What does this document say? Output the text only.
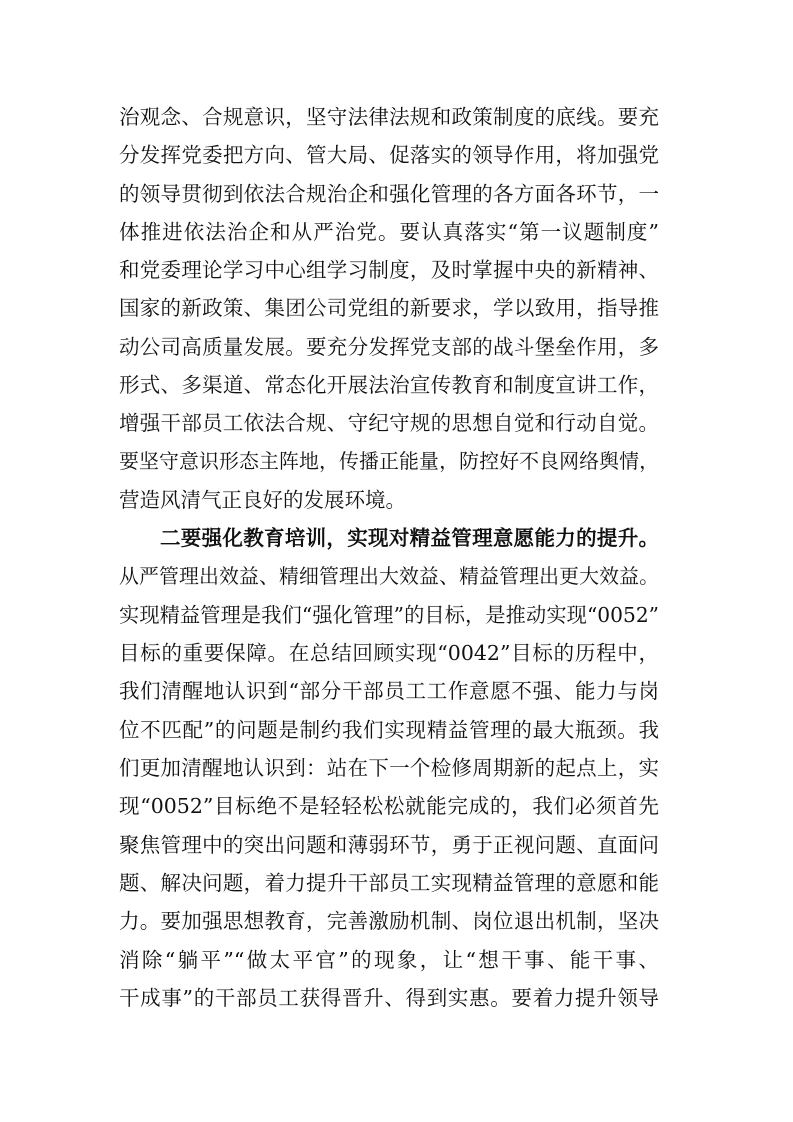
治观念、合规意识，坚守法律法规和政策制度的底线。要充
分发挥党委把方向、管大局、促落实的领导作用，将加强党
的领导贯彻到依法合规治企和强化管理的各方面各环节，一
体推进依法治企和从严治党。要认真落实“第一议题制度”
和党委理论学习中心组学习制度，及时掌握中央的新精神、
国家的新政策、集团公司党组的新要求，学以致用，指导推
动公司高质量发展。要充分发挥党支部的战斗堡垒作用，多
形式、多渠道、常态化开展法治宣传教育和制度宣讲工作，
增强干部员工依法合规、守纪守规的思想自觉和行动自觉。
要坚守意识形态主阵地，传播正能量，防控好不良网络舆情，
营造风清气正良好的发展环境。
二要强化教育培训，实现对精益管理意愿能力的提升。
从严管理出效益、精细管理出大效益、精益管理出更大效益。
实现精益管理是我们“强化管理”的目标，是推动实现“0052”
目标的重要保障。在总结回顾实现“0042”目标的历程中，
我们清醒地认识到“部分干部员工工作意愿不强、能力与岗
位不匹配”的问题是制约我们实现精益管理的最大瓶颈。我
们更加清醒地认识到：站在下一个检修周期新的起点上，实
现“0052”目标绝不是轻轻松松就能完成的，我们必须首先
聚焦管理中的突出问题和薄弱环节，勇于正视问题、直面问
题、解决问题，着力提升干部员工实现精益管理的意愿和能
力。要加强思想教育，完善激励机制、岗位退出机制，坚决
消除“躺平”“做太平官”的现象，让“想干事、能干事、
干成事”的干部员工获得晋升、得到实惠。要着力提升领导
